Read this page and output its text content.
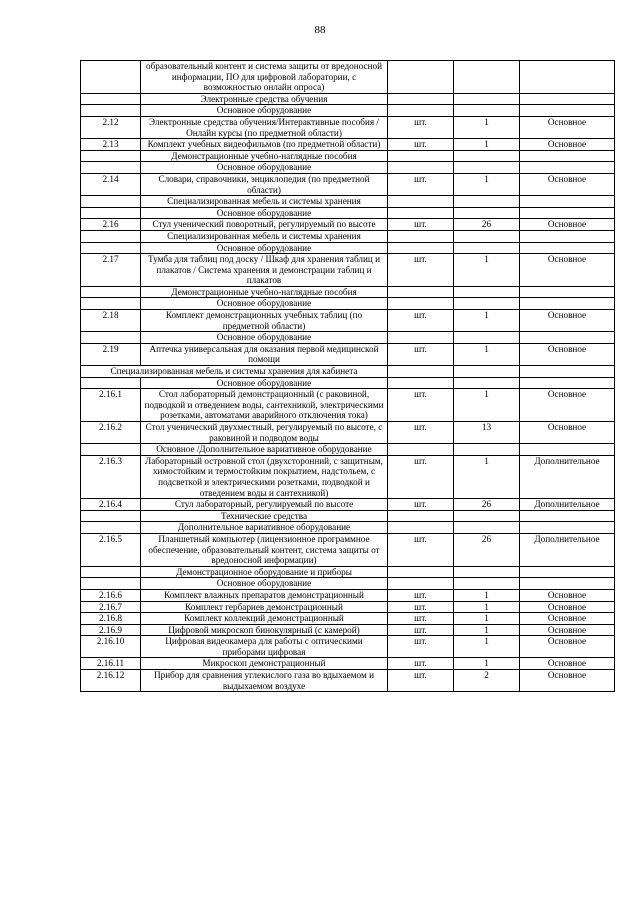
88
	образовательный контент и система защиты от вредоносной информации, ПО для цифровой лаборатории, с возможностью онлайн опроса)			
	Электронные средства обучения			
	Основное оборудование			
2.12	Электронные средства обучения/Интерактивные пособия / Онлайн курсы (по предметной области)	шт.	1	Основное
2.13	Комплект учебных видеофильмов (по предметной области)	шт.	1	Основное
	Демонстрационные учебно-наглядные пособия			
	Основное оборудование			
2.14	Словари, справочники, энциклопедия (по предметной области)	шт.	1	Основное
	Специализированная мебель и системы хранения			
	Основное оборудование			
2.16	Стул ученический поворотный, регулируемый по высоте	шт.	26	Основное
	Специализированная мебель и системы хранения			
	Основное оборудование			
2.17	Тумба для таблиц под доску / Шкаф для хранения таблиц и плакатов / Система хранения и демонстрации таблиц и плакатов	шт.	1	Основное
	Демонстрационные учебно-наглядные пособия			
	Основное оборудование			
2.18	Комплект демонстрационных учебных таблиц (по предметной области)	шт.	1	Основное
	Основное оборудование			
2.19	Аптечка универсальная для оказания первой медицинской помощи	шт.	1	Основное
Специализированная мебель и системы хранения для кабинета				
	Основное оборудование			
2.16.1	Стол лабораторный демонстрационный (с раковиной, подводкой и отведением воды, сантехникой, электрическими розетками, автоматами аварийного отключения тока)	шт.	1	Основное
2.16.2	Стол ученический двухместный, регулируемый по высоте, с раковиной и подводом воды	шт.	13	Основное
	Основное /Дополнительное вариативное оборудование			
2.16.3	Лабораторный островной стол (двухсторонний, с защитным, химостойким и термостойким покрытием, надстольем, с подсветкой и электрическими розетками, подводкой и отведением воды и сантехникой)	шт.	1	Дополнительное
2.16.4	Стул лабораторный, регулируемый по высоте	шт.	26	Дополнительное
	Технические средства			
	Дополнительное вариативное оборудование			
2.16.5	Планшетный компьютер (лицензионное программное обеспечение, образовательный контент, система защиты от вредоносной информации)	шт.	26	Дополнительное
	Демонстрационное оборудование и приборы			
	Основное оборудование			
2.16.6	Комплект влажных препаратов демонстрационный	шт.	1	Основное
2.16.7	Комплект гербариев демонстрационный	шт.	1	Основное
2.16.8	Комплект коллекций демонстрационный	шт.	1	Основное
2.16.9	Цифровой микроскоп бинокулярный (с камерой)	шт.	1	Основное
2.16.10	Цифровая видеокамера для работы с оптическими приборами цифровая	шт.	1	Основное
2.16.11	Микроскоп демонстрационный	шт.	1	Основное
2.16.12	Прибор для сравнения углекислого газа во вдыхаемом и выдыхаемом воздухе	шт.	2	Основное
